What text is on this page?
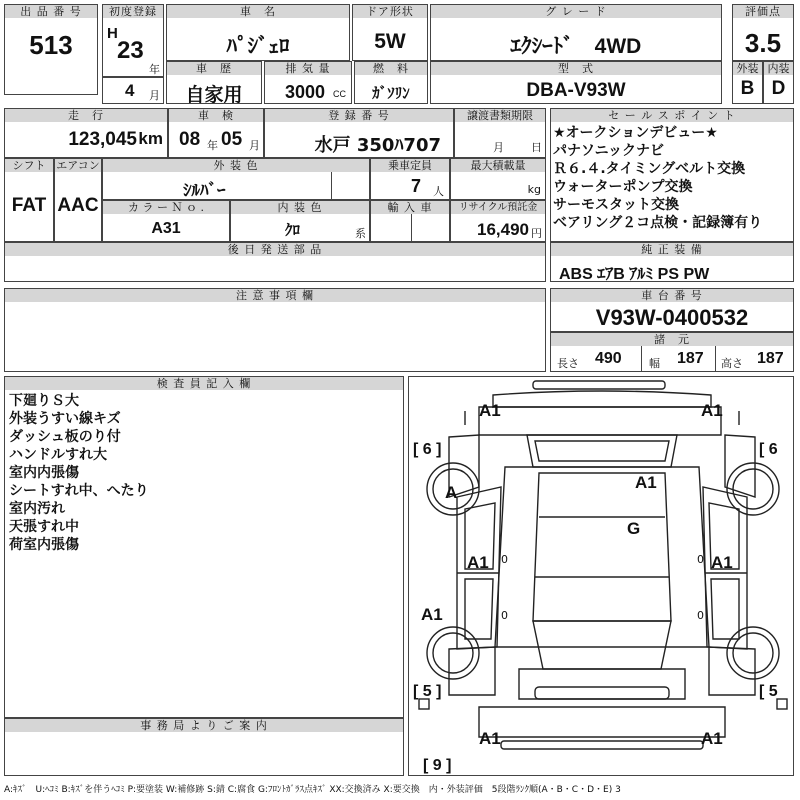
出 品 番 号
513
初度登録
H
23
年
車　名
ﾊﾟｼﾞｪﾛ
ドア形状
5W
グ レ ー ド
ｴｸｼｰﾄﾞ　4WD
評価点
3.5
4 月
車　歴
自家用
排 気 量
3000 CC
燃　料
ｶﾞｿﾘﾝ
型　式
DBA-V93W
外装
B
内装
D
走　行
123,045 km
車　検
08 年 05 月
登 録 番 号
水戸 350ﾊ707
譲渡書類期限
月 日
シフト
FAT
エアコン
AAC
外 装 色
ｼﾙﾊﾞｰ
乗車定員
7 人
最大積載量
kg
カ ラ ー Ｎ ｏ .
A31
内 装 色
ｸﾛ	系
輸 入 車	リサイクル預託金
16,490 円
後 日 発 送 部 品
セ ー ル ス ポ イ ン ト
★オークションデビュー★
パナソニックナビ
Ｒ６.４.タイミングベルト交換
ウォーターポンプ交換
サーモスタット交換
ベアリング２コ点検・記録簿有り
純 正 装 備
ABS ｴｱB ｱﾙﾐ PS PW
注 意 事 項 欄	車 台 番 号
V93W-0400532
諸　元
長さ 490 幅 187 高さ 187
検 査 員 記 入 欄
下廻りＳ大
外装うすい線キズ
ダッシュ板のり付
ハンドルすれ大
室内内張傷
シートすれ中、へたり
室内汚れ
天張すれ中
荷室内張傷
事 務 局 よ り ご 案 内
A1	A1
A1
A
G
A1	A1
A1
A1	A1
0	0
0	0
[ 6 ]	[ 6
[ 5 ]	[ 5
[ 9 ]
A:ｷｽﾞ　U:ﾍｺﾐ B:ｷｽﾞを伴うﾍｺﾐ P:要塗装 W:補修跡 S:錆 C:腐食 G:ﾌﾛﾝﾄｶﾞﾗｽ点ｷｽﾞ XX:交換済み X:要交換　内・外装評価　5段階ﾗﾝｸ順(A・B・C・D・E) 3
